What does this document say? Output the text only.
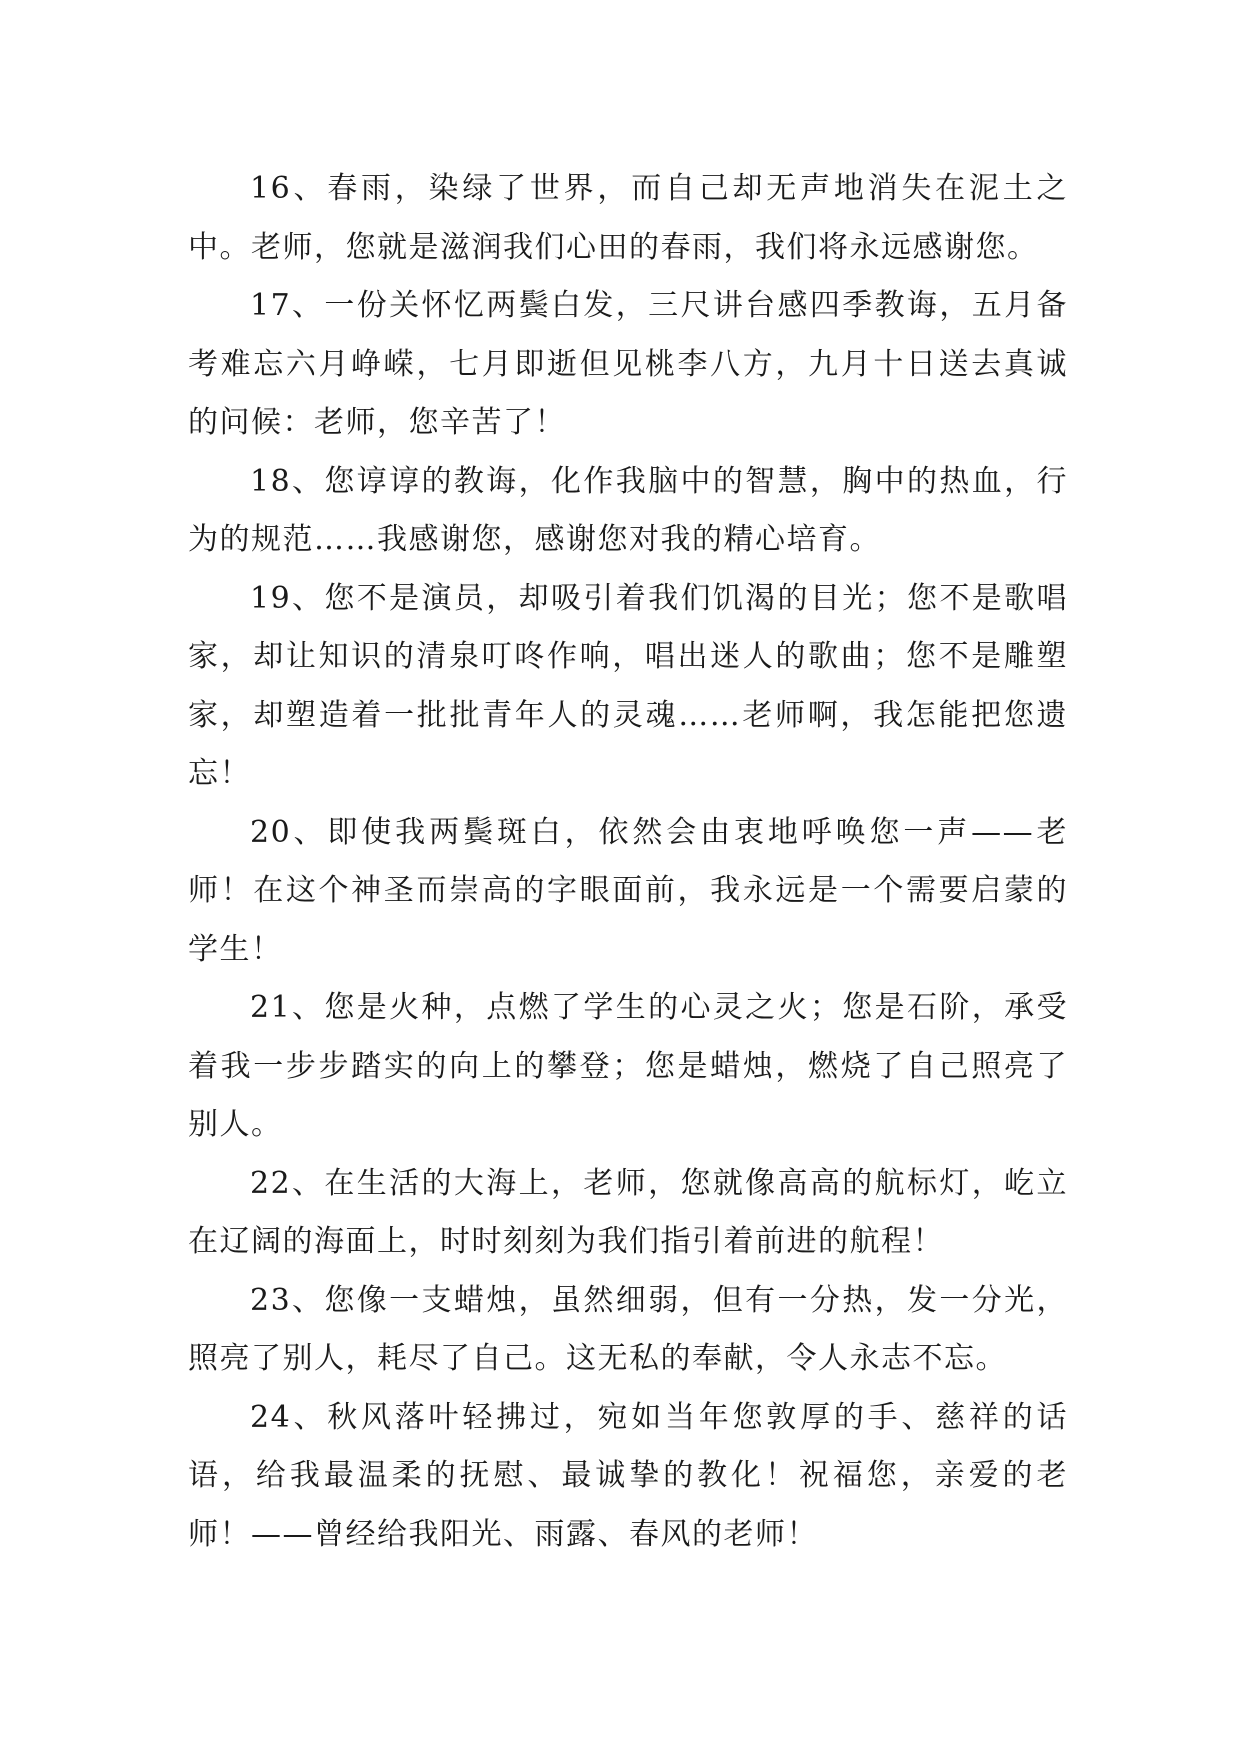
16、春雨，染绿了世界，而自己却无声地消失在泥土之中。老师，您就是滋润我们心田的春雨，我们将永远感谢您。

17、一份关怀忆两鬓白发，三尺讲台感四季教诲，五月备考难忘六月峥嵘，七月即逝但见桃李八方，九月十日送去真诚的问候：老师，您辛苦了！

18、您谆谆的教诲，化作我脑中的智慧，胸中的热血，行为的规范……我感谢您，感谢您对我的精心培育。

19、您不是演员，却吸引着我们饥渴的目光；您不是歌唱家，却让知识的清泉叮咚作响，唱出迷人的歌曲；您不是雕塑家，却塑造着一批批青年人的灵魂……老师啊，我怎能把您遗忘！

20、即使我两鬓斑白，依然会由衷地呼唤您一声——老师！在这个神圣而崇高的字眼面前，我永远是一个需要启蒙的学生！

21、您是火种，点燃了学生的心灵之火；您是石阶，承受着我一步步踏实的向上的攀登；您是蜡烛，燃烧了自己照亮了别人。

22、在生活的大海上，老师，您就像高高的航标灯，屹立在辽阔的海面上，时时刻刻为我们指引着前进的航程！

23、您像一支蜡烛，虽然细弱，但有一分热，发一分光，照亮了别人，耗尽了自己。这无私的奉献，令人永志不忘。

24、秋风落叶轻拂过，宛如当年您敦厚的手、慈祥的话语，给我最温柔的抚慰、最诚挚的教化！祝福您，亲爱的老师！——曾经给我阳光、雨露、春风的老师！
